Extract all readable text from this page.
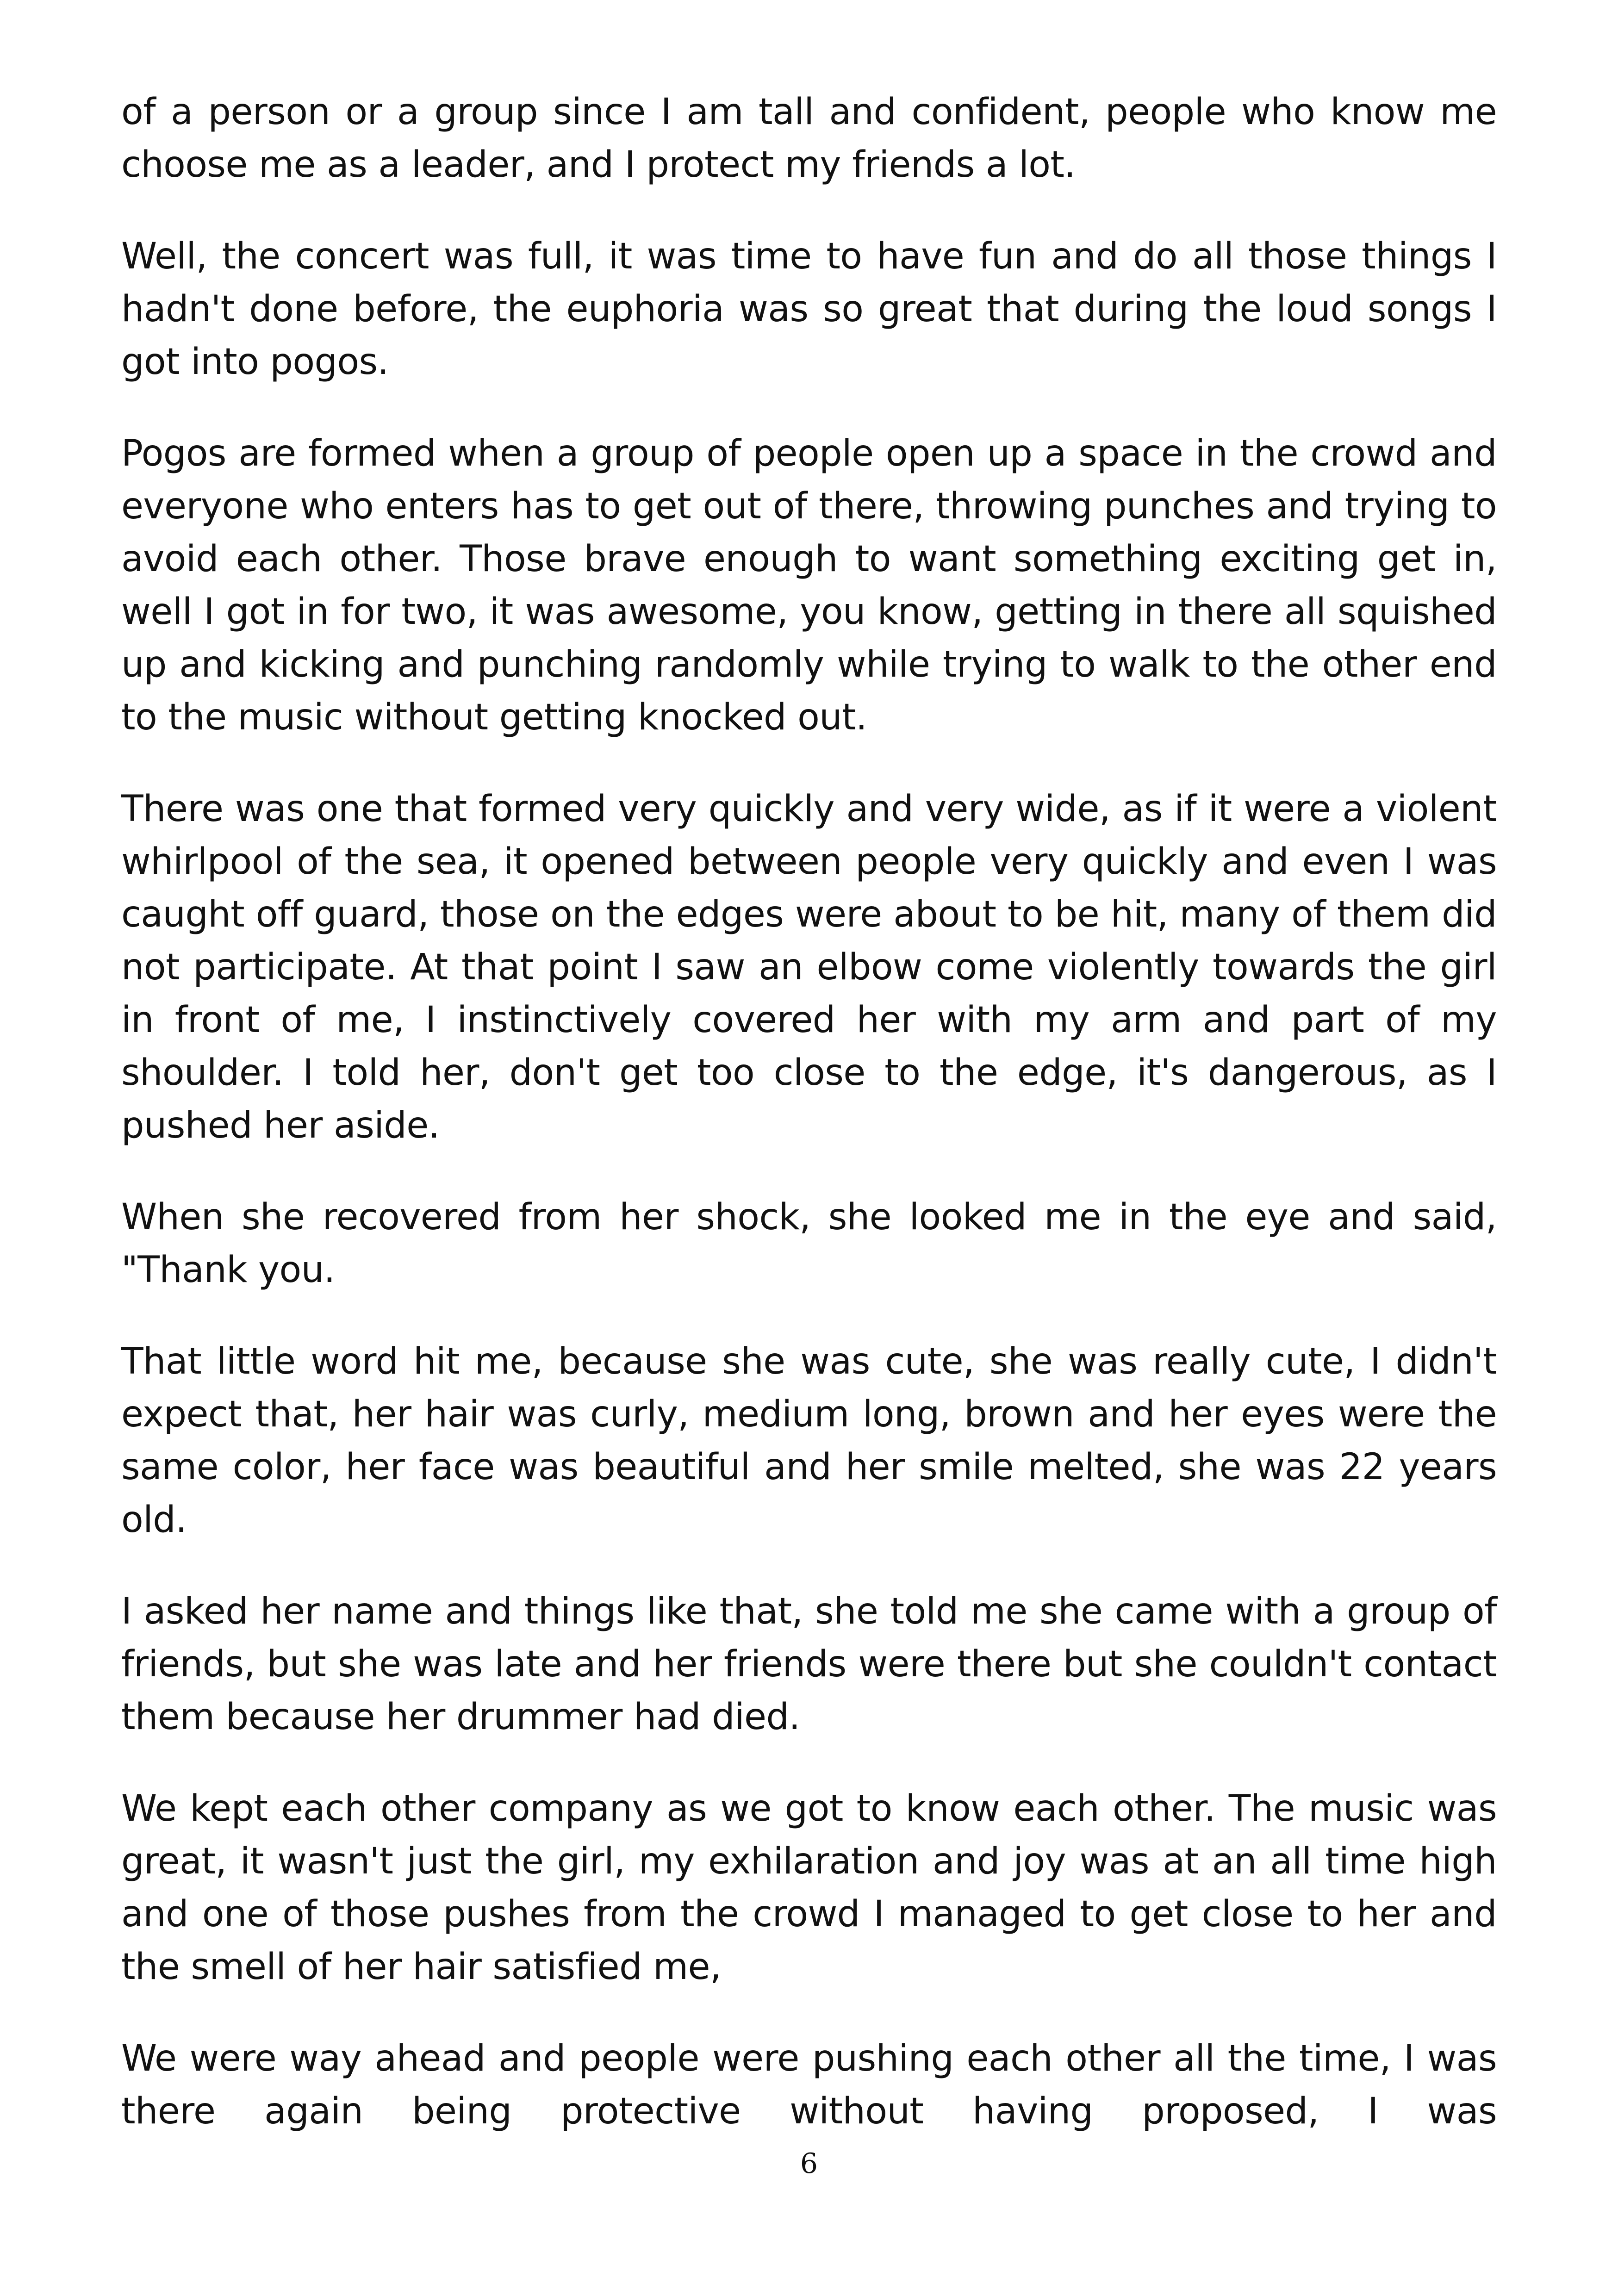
of a person or a group since I am tall and confident, people who know me choose me as a leader, and I protect my friends a lot.

Well, the concert was full, it was time to have fun and do all those things I hadn't done before, the euphoria was so great that during the loud songs I got into pogos.

Pogos are formed when a group of people open up a space in the crowd and everyone who enters has to get out of there, throwing punches and trying to avoid each other. Those brave enough to want something exciting get in, well I got in for two, it was awesome, you know, getting in there all squished up and kicking and punching randomly while trying to walk to the other end to the music without getting knocked out.

There was one that formed very quickly and very wide, as if it were a violent whirlpool of the sea, it opened between people very quickly and even I was caught off guard, those on the edges were about to be hit, many of them did not participate. At that point I saw an elbow come violently towards the girl in front of me, I instinctively covered her with my arm and part of my shoulder. I told her, don't get too close to the edge, it's dangerous, as I pushed her aside.

When she recovered from her shock, she looked me in the eye and said, "Thank you.

That little word hit me, because she was cute, she was really cute, I didn't expect that, her hair was curly, medium long, brown and her eyes were the same color, her face was beautiful and her smile melted, she was 22 years old.

I asked her name and things like that, she told me she came with a group of friends, but she was late and her friends were there but she couldn't contact them because her drummer had died.

We kept each other company as we got to know each other. The music was great, it wasn't just the girl, my exhilaration and joy was at an all time high and one of those pushes from the crowd I managed to get close to her and the smell of her hair satisfied me,

We were way ahead and people were pushing each other all the time, I was there again being protective without having proposed, I was

6
